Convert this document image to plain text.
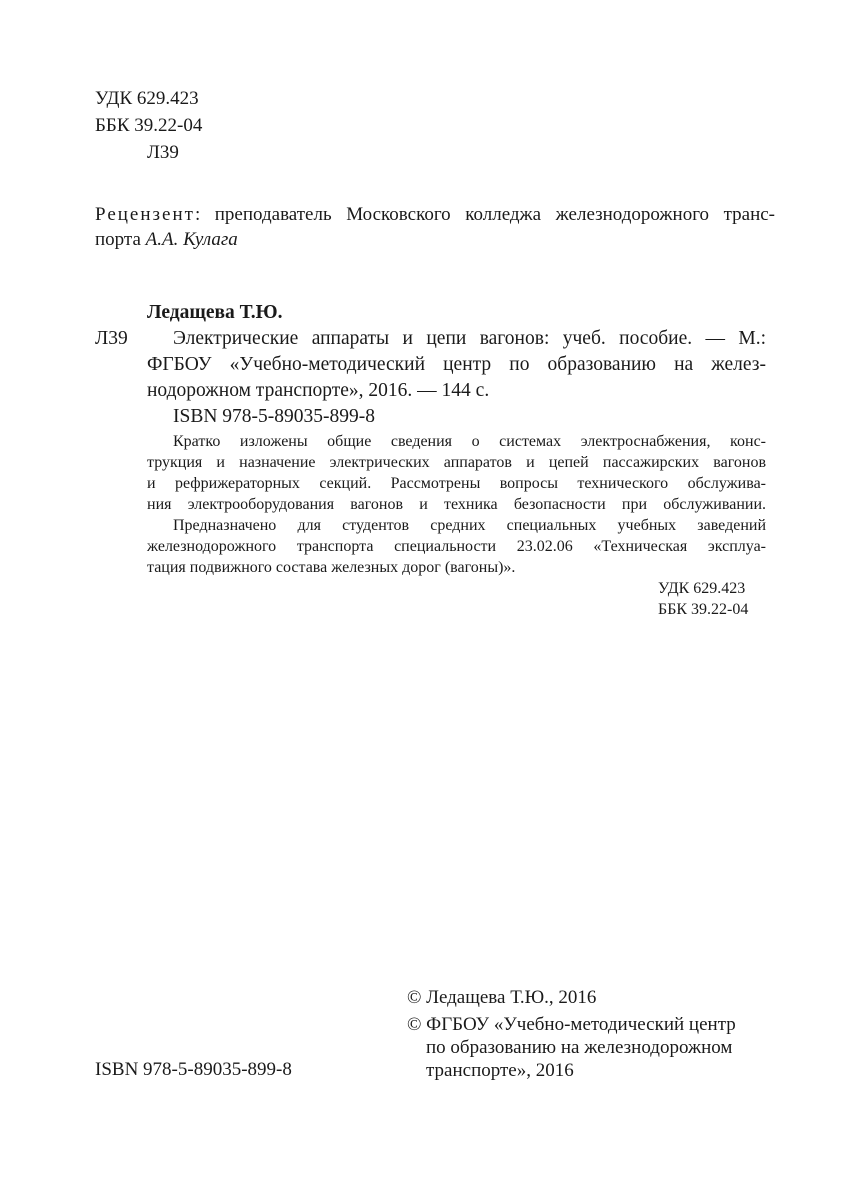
УДК 629.423
ББК 39.22-04
Л39
Рецензент: преподаватель Московского колледжа железнодорожного транс-
порта А.А. Кулага
Ледащева Т.Ю.
Л39 Электрические аппараты и цепи вагонов: учеб. пособие. — М.:
ФГБОУ «Учебно-методический центр по образованию на желез-
нодорожном транспорте», 2016. — 144 с.
ISBN 978-5-89035-899-8
Кратко изложены общие сведения о системах электроснабжения, конс-
трукция и назначение электрических аппаратов и цепей пассажирских вагонов
и рефрижераторных секций. Рассмотрены вопросы технического обслужива-
ния электрооборудования вагонов и техника безопасности при обслуживании.
Предназначено для студентов средних специальных учебных заведений
железнодорожного транспорта специальности 23.02.06 «Техническая эксплуа-
тация подвижного состава железных дорог (вагоны)».
УДК 629.423
ББК 39.22-04
ISBN 978-5-89035-899-8
© Ледащева Т.Ю., 2016
© ФГБОУ «Учебно-методический центр
по образованию на железнодорожном
транспорте», 2016
